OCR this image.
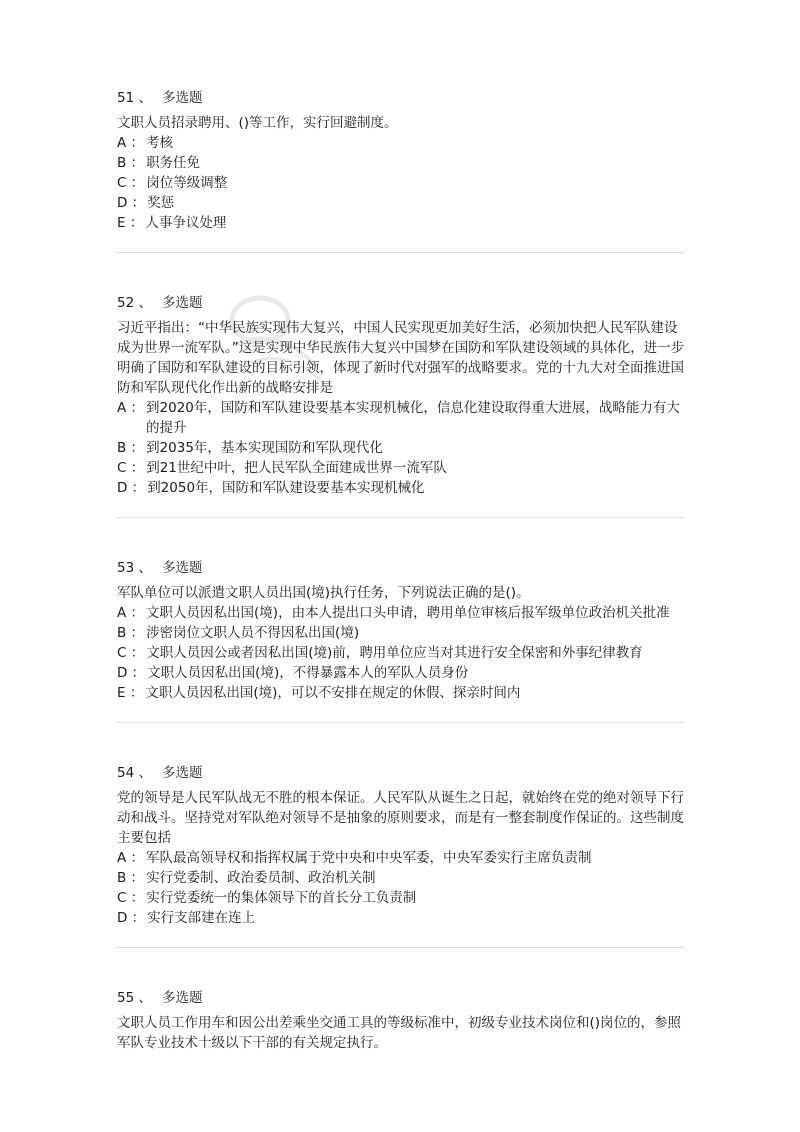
51 、 多选题
文职人员招录聘用、()等工作，实行回避制度。
A ： 考核
B ： 职务任免
C ： 岗位等级调整
D ： 奖惩
E ： 人事争议处理
52 、 多选题
习近平指出：“中华民族实现伟大复兴，中国人民实现更加美好生活，必须加快把人民军队建设成为世界一流军队。”这是实现中华民族伟大复兴中国梦在国防和军队建设领域的具体化，进一步明确了国防和军队建设的目标引领，体现了新时代对强军的战略要求。党的十九大对全面推进国防和军队现代化作出新的战略安排是
A ： 到2020年，国防和军队建设要基本实现机械化，信息化建设取得重大进展，战略能力有大的提升
B ： 到2035年，基本实现国防和军队现代化
C ： 到21世纪中叶，把人民军队全面建成世界一流军队
D ： 到2050年，国防和军队建设要基本实现机械化
53 、 多选题
军队单位可以派遣文职人员出国(境)执行任务，下列说法正确的是()。
A ： 文职人员因私出国(境)，由本人提出口头申请，聘用单位审核后报军级单位政治机关批准
B ： 涉密岗位文职人员不得因私出国(境)
C ： 文职人员因公或者因私出国(境)前，聘用单位应当对其进行安全保密和外事纪律教育
D ： 文职人员因私出国(境)，不得暴露本人的军队人员身份
E ： 文职人员因私出国(境)，可以不安排在规定的休假、探亲时间内
54 、 多选题
党的领导是人民军队战无不胜的根本保证。人民军队从诞生之日起，就始终在党的绝对领导下行动和战斗。坚持党对军队绝对领导不是抽象的原则要求，而是有一整套制度作保证的。这些制度主要包括
A ： 军队最高领导权和指挥权属于党中央和中央军委，中央军委实行主席负责制
B ： 实行党委制、政治委员制、政治机关制
C ： 实行党委统一的集体领导下的首长分工负责制
D ： 实行支部建在连上
55 、 多选题
文职人员工作用车和因公出差乘坐交通工具的等级标准中，初级专业技术岗位和()岗位的，参照军队专业技术十级以下干部的有关规定执行。
